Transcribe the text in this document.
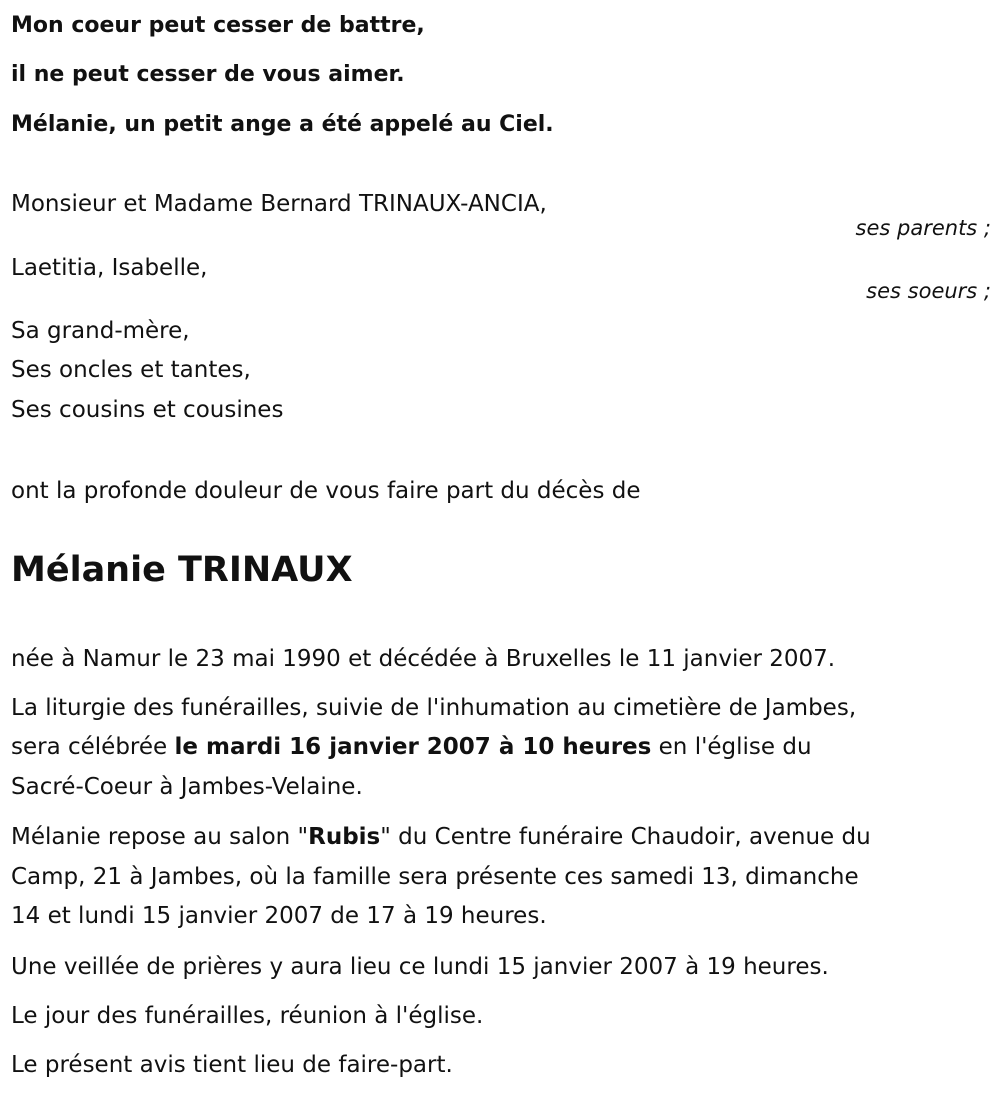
Mon coeur peut cesser de battre,
il ne peut cesser de vous aimer.
Mélanie, un petit ange a été appelé au Ciel.
Monsieur et Madame Bernard TRINAUX-ANCIA,
ses parents ;
Laetitia, Isabelle,
ses soeurs ;
Sa grand-mère,
Ses oncles et tantes,
Ses cousins et cousines
ont la profonde douleur de vous faire part du décès de
Mélanie TRINAUX
née à Namur le 23 mai 1990 et décédée à Bruxelles le 11 janvier 2007.
La liturgie des funérailles, suivie de l'inhumation au cimetière de Jambes,
sera célébrée le mardi 16 janvier 2007 à 10 heures en l'église du
Sacré-Coeur à Jambes-Velaine.
Mélanie repose au salon "Rubis" du Centre funéraire Chaudoir, avenue du
Camp, 21 à Jambes, où la famille sera présente ces samedi 13, dimanche
14 et lundi 15 janvier 2007 de 17 à 19 heures.
Une veillée de prières y aura lieu ce lundi 15 janvier 2007 à 19 heures.
Le jour des funérailles, réunion à l'église.
Le présent avis tient lieu de faire-part.
